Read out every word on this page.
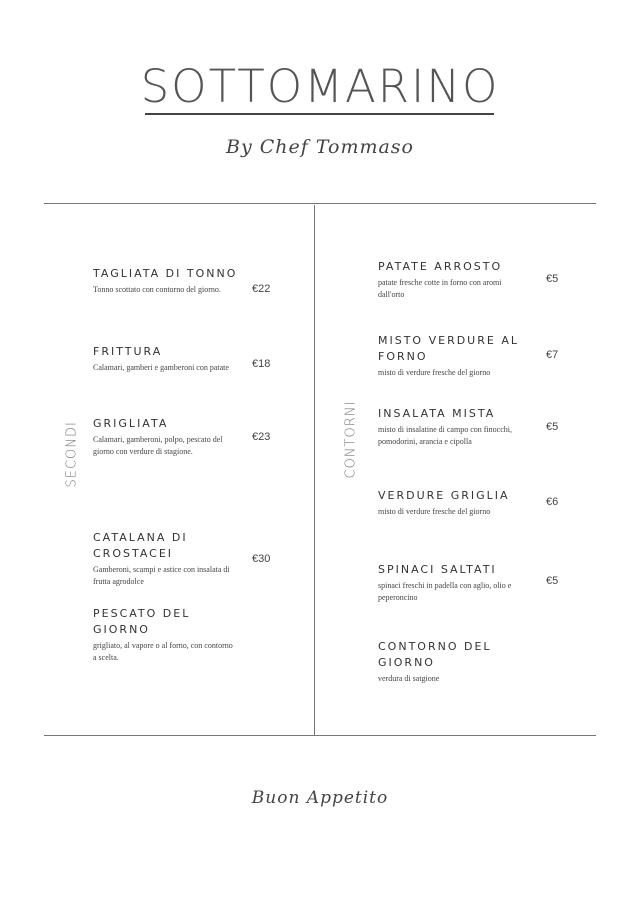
SOTTOMARINO
By Chef Tommaso
SECONDI	CONTORNI
TAGLIATA DI TONNO
Tonno scottato con contorno del giorno.	€22
FRITTURA
Calamari, gamberi e gamberoni con patate	€18
GRIGLIATA
Calamari, gamberoni, polpo, pescato del giorno con verdure di stagione.
€23
CATALANA DI CROSTACEI
Gamberoni, scampi e astice con insalata di frutta agrodolce
€30
PESCATO DEL GIORNO
grigliato, al vapore o al forno, con contorno a scelta.
PATATE ARROSTO
patate fresche cotte in forno con aromi dall'orto
€5
MISTO VERDURE AL FORNO
misto di verdure fresche del giorno
€7
INSALATA MISTA
misto di insalatine di campo con finocchi, pomodorini, arancia e cipolla
€5
VERDURE GRIGLIA
misto di verdure fresche del giorno
€6
SPINACI SALTATI
spinaci freschi in padella con aglio, olio e peperoncino
€5
CONTORNO DEL GIORNO
verdura di satgione
Buon Appetito
